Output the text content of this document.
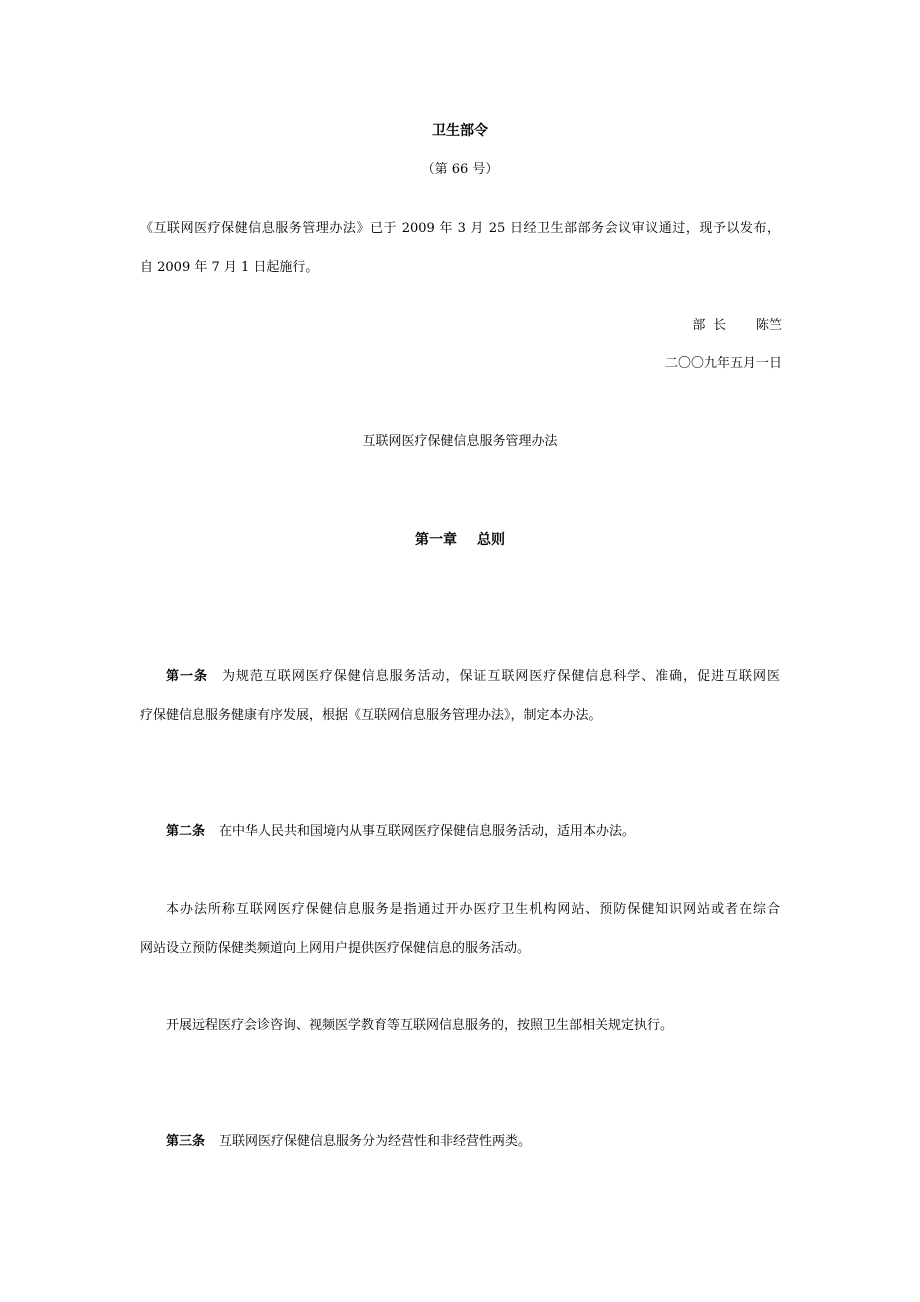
卫生部令
（第 66 号）
《互联网医疗保健信息服务管理办法》已于 2009 年 3 月 25 日经卫生部部务会议审议通过，现予以发布，
自 2009 年 7 月 1 日起施行。
部长 陈竺
二〇〇九年五月一日
互联网医疗保健信息服务管理办法
第一章 总则
第一条 为规范互联网医疗保健信息服务活动，保证互联网医疗保健信息科学、准确，促进互联网医
疗保健信息服务健康有序发展，根据《互联网信息服务管理办法》，制定本办法。
第二条 在中华人民共和国境内从事互联网医疗保健信息服务活动，适用本办法。
本办法所称互联网医疗保健信息服务是指通过开办医疗卫生机构网站、预防保健知识网站或者在综合
网站设立预防保健类频道向上网用户提供医疗保健信息的服务活动。
开展远程医疗会诊咨询、视频医学教育等互联网信息服务的，按照卫生部相关规定执行。
第三条 互联网医疗保健信息服务分为经营性和非经营性两类。
